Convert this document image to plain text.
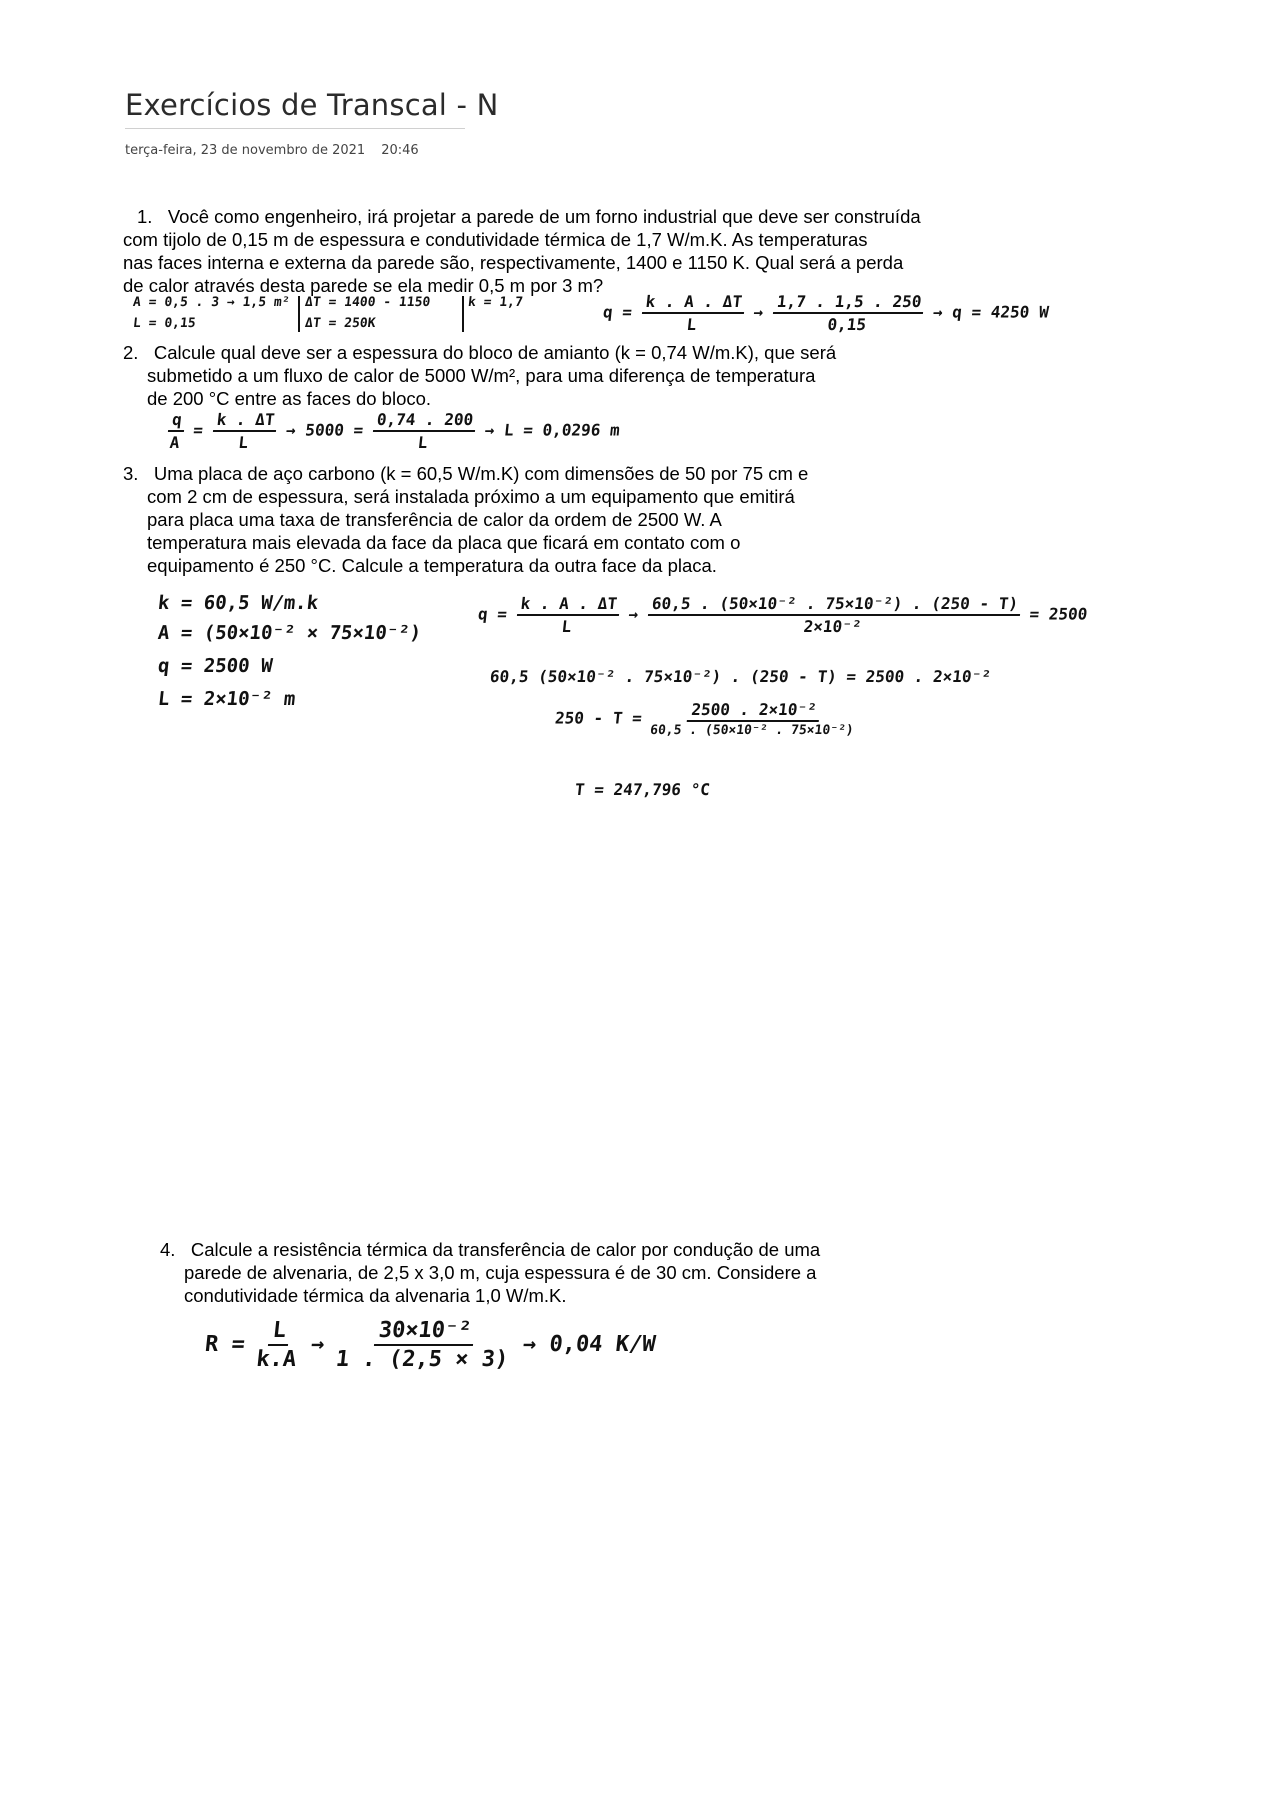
Exercícios de Transcal - N
terça-feira, 23 de novembro de 2021 20:46

1. Você como engenheiro, irá projetar a parede de um forno industrial que deve ser construída

com tijolo de 0,15 m de espessura e condutividade térmica de 1,7 W/m.K. As temperaturas

nas faces interna e externa da parede são, respectivamente, 1400 e 1150 K. Qual será a perda

de calor através desta parede se ela medir 0,5 m por 3 m?

A = 0,5 . 3 → 1,5 m²
L = 0,15
ΔT = 1400 - 1150
ΔT = 250K
k = 1,7	$q = \frac{k . A . \Delta T}{L} \to \frac{1,7 . 1,5 . 250}{0,15} \to q = 4250$ W

2. Calcule qual deve ser a espessura do bloco de amianto (k = 0,74 W/m.K), que será

submetido a um fluxo de calor de 5000 W/m², para uma diferença de temperatura

de 200 °C entre as faces do bloco.

$\frac{q}{A} = \frac{k . \Delta T}{L} \to 5000 = \frac{0,74 . 200}{L} \to L = 0,0296$ m

3. Uma placa de aço carbono (k = 60,5 W/m.K) com dimensões de 50 por 75 cm e

com 2 cm de espessura, será instalada próximo a um equipamento que emitirá

para placa uma taxa de transferência de calor da ordem de 2500 W. A

temperatura mais elevada da face da placa que ficará em contato com o

equipamento é 250 °C. Calcule a temperatura da outra face da placa.

k = 60,5 W/m.k
A = (50×10⁻² × 75×10⁻²)
q = 2500 W
L = 2×10⁻² m
$q = \frac{k . A . \Delta T}{L} \to \frac{\text{60,5 . (50×10⁻² . 75×10⁻²) . (250 - T)}}{\text{2×10⁻²}} = 2500$
60,5 (50×10⁻² . 75×10⁻²) . (250 - T) = 2500 . 2×10⁻²
$250 - T = \frac{\text{2500 . 2×10⁻²}}{\text{60,5 . (50×10⁻² . 75×10⁻²)}}$
T = 247,796 °C

4. Calcule a resistência térmica da transferência de calor por condução de uma

parede de alvenaria, de 2,5 x 3,0 m, cuja espessura é de 30 cm. Considere a

condutividade térmica da alvenaria 1,0 W/m.K.

$R = \frac{L}{k.A} \to \frac{\text{30×10⁻²}}{1 . (2,5 \times 3)} \to 0,04$ K/W
